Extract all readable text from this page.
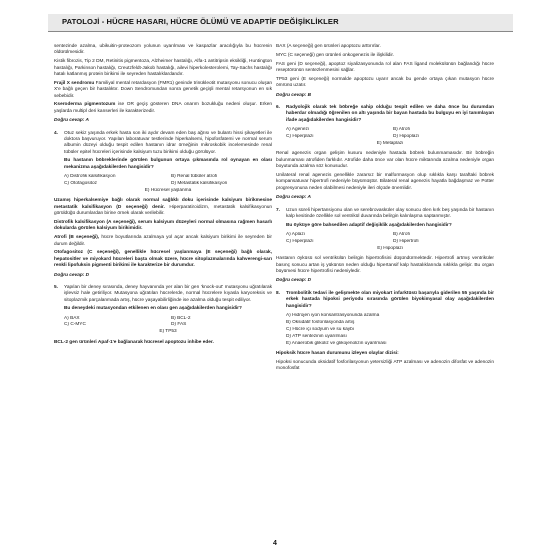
PATOLOJİ - HÜCRE HASARI, HÜCRE ÖLÜMÜ VE ADAPTİF DEĞİŞİKLİKLER

sentezinde azalma, ubikuitin-proteozom yolunun uyarılması ve kaspazlar aracılığıyla bu hücrenin öldürülmesidir.

Kistik fibrozis, Tip 2 DM, Retinitis pigmentoza, Alzheimer hastalığı, Alfa-1 antitripsin eksikliği, Huntington hastalığı, Parkinson hastalığı, Creutzfeldt-Jakob hastalığı, ailevi hiperkolesterolemi, Tay-Sachs hastalığı hatalı katlanmış protein birikimi ile seyreden hastalıklardandır.

Frajil X sendromu Familiyal mental retardasyon (FMR1) geninde trinükleotit mutasyonu sonucu oluşan X'e bağlı geçen bir hastalıktır. Down Sendromundan sonra genetik geçişli mental retarsyonun en sık sebebidir.

Kseroderma pigmentozum ise OR geçiş gösteren DNA onarım bozukluğu nedeni oluşur. Erken yaşlarda multipl deri kanserleri ile karakterizedir.

Doğru cevap: A

4.	Otuz sekiz yaşında erkek hasta son iki aydır devam eden baş ağrısı ve bulantı hissi şikayetleri ile doktora başvuruyor. Yapılan laboratuvar testlerinde hiperkalsemi, hipofosfatemi ve normal serum albumin düzeyi olduğu tespit edilen hastanın idrar örneğinin mikroskobik incelemesinde renal tübüler epitel hücreleri içerisinde kalsiyum tuzu birikimi olduğu görülüyor.

Bu hastanın böbreklerinde görülen bulgunun ortaya çıkmasında rol oynayan en olası mekanizma aşağıdakilerden hangisidir?

A) Distrofik kalsifikasyon	B) Renal tübüler atrofi
C) Otofagositoz	D) Metastatik kalsifikasyon
E) Hücresel yaşlanma

Uzamış hiperkalsemiye bağlı olarak normal sağlıklı doku içerisinde kalsiyum birikmesine metastatik kalsifikasyon (D seçeneği) denir. Hiperparatiroidizm, metastatik kalsifikasyonun görüldüğü durumlardan birine örnek olarak verilebilir.

Distrofik kalsifikasyon (A seçeneği), serum kalsiyum düzeyleri normal olmasına rağmen hasarlı dokularda görülen kalsiyum birikimidir.

Atrofi (B seçeneği), hücre boyutlarında azalmaya yol açar ancak kalsiyum birikimi ile seyreden bir durum değildir.

Otofagositoz (C seçeneği), genellikle hücresel yaşlanmaya (E seçeneği) bağlı olarak, hepatositler ve miyokard hücreleri başta olmak üzere, hücre sitoplazmalarında kahverengi-sarı renkli lipofuksin pigmenti birikimi ile karakterize bir durumdur.

Doğru cevap: D

5.	Yapılan bir deney sırasında, deney hayvanında yer alan bir gen 'knock-out' mutasyonu uğratılarak işlevsiz hale getiriliyor. Mutasyona uğratılan hücrelerde, normal hücrelere kıyasla karyoreksis ve sitoplazmik parçalanmada artış, hücre yaşayabilirliğinde ise azalma olduğu tespit ediliyor.

Bu deneydeki mutasyondan etkilenen en olası gen aşağıdakilerden hangisidir?

A) BAX	B) BCL-2
C) C-MYC	D) FAS
E) TP53

BCL-2 gen ürünleri Apaf-1'e bağlanarak hücresel apoptozu inhibe eder.

BAX (A seçeneği) gen ürünleri apoptozu arttırırlar.

MYC (C seçeneği) gen ürünleri onkogenezis ile ilişkilidir.

FAS geni (D seçeneği), apoptoz siyalizasyonunda rol alan FAS ligand molekülünün bağlandığı hücre reseptörünün sentezlenmesini sağlar.

TP53 geni (E seçeneği) normalde apoptozu uyarır ancak bu gende ortaya çıkan mutasyon hücre ömrünü uzatır.

Doğru cevap: B

6.	Radyolojik olarak tek böbreğe sahip olduğu tespit edilen ve daha önce bu durumdan haberdar olmadığı öğrenilen on altı yaşında bir bayan hastada bu bulguyu en iyi tanımlayan ifade aşağıdakilerden hangisidir?

A) Agenezi	B) Atrofi
C) Hiperplazi	D) Hipoplazi
E) Metaplazi

Renal agenezis organ gelişim kusuru nedeniyle hastada böbrek bulunmamasıdır. Bir böbreğin bulunmaması atrofiden farklıdır. Atrofide daha önce var olan hücre miktarında azalma nedeniyle organ boyutunda azalma söz konusudur.

Unilateral renal agenezis genellikle zararsız bir malformasyon olup sıklıkla karşı taraftaki böbrek kompansatuvar hipertrofi nedeniyle büyümüştür. Bilateral renal agenezis hayatla bağdaşmaz ve Potter progresyonuna neden olabilmesi nedeniyle ileri ölçüde önemlidir.

Doğru cevap: A

7.	Uzun süreli hipertansiyonu olan ve serebrovasküler olay sonucu ölen kırk beş yaşında bir hastanın kalp kesitinde özellikle sol ventrikül duvarında belirgin kalınlaşma saptanmıştır.

Bu öyküye göre bahsedilen adaptif değişiklik aşağıdakilerden hangisidir?

A) Aplazi	B) Atrofi
C) Hiperplazi	D) Hipertrofi
E) Hipoplazi

Hastanın öyküsü sol ventrikülün belirgin hipertrofisini düşündürmektedir. Hipertrofi artmış ventriküler basınç sonucu artan iş yükünün neden olduğu hipertansif kalp hastalıklarında sıklıkla gelişir. Bu organ büyümesi hücre hipertrofisi nedeniyledir.

Doğru cevap: D

8.	Trombolitik tedavi ile gelişmekte olan miyokart infarktüsü başarıyla giderilen 55 yaşında bir erkek hastada hipoksi periyodu sırasında görülen biyokimyasal olay aşağıdakilerden hangisidir?

A) Hidrojen iyon konsantrasyonunda azalma
B) Oksidatif fosforilasyonda artış
C) Hücre içi sodyum ve su kaybı
D) ATP sentezinin uyarılması
E) Anaerobik glikoliz ve glikojenolizin uyarılması

Hipoksik hücre hasarı durumunu izleyen olaylar dizisi:

Hipoksi sonucunda oksidatif fosforilasyonun yetersizliği ATP azalması ve adenozin difosfat ve adenozin monofosfat

4
